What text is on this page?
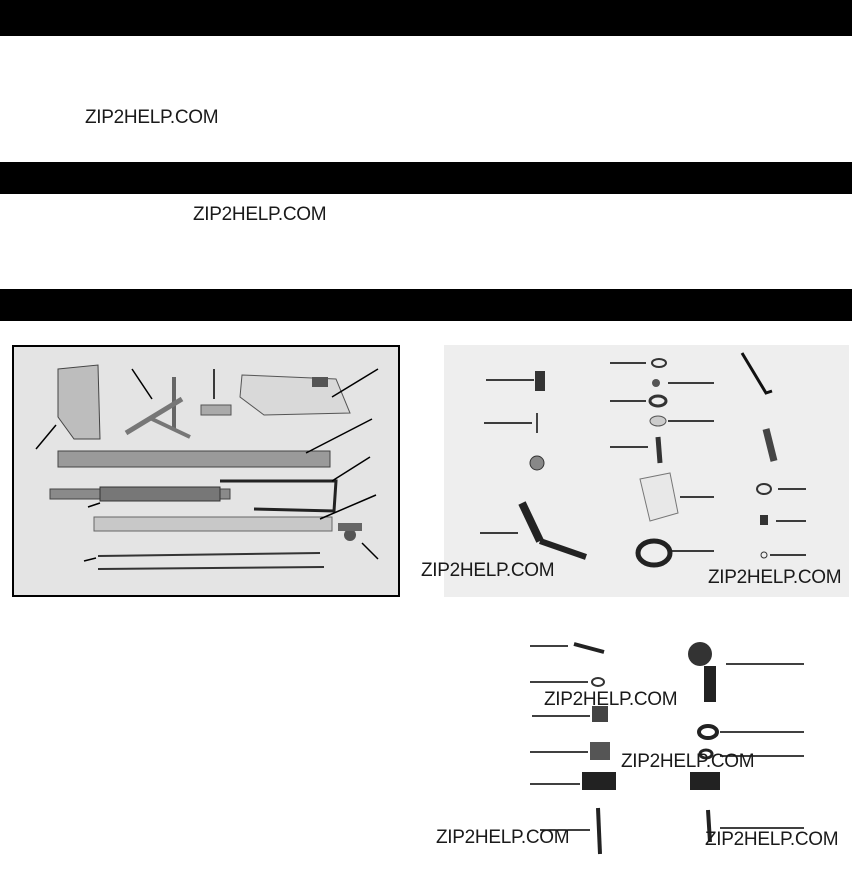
ZIP2HELP.COM
ZIP2HELP.COM
ZIP2HELP.COM	ZIP2HELP.COM
ZIP2HELP.COM
ZIP2HELP.COM
ZIP2HELP.COM	ZIP2HELP.COM
